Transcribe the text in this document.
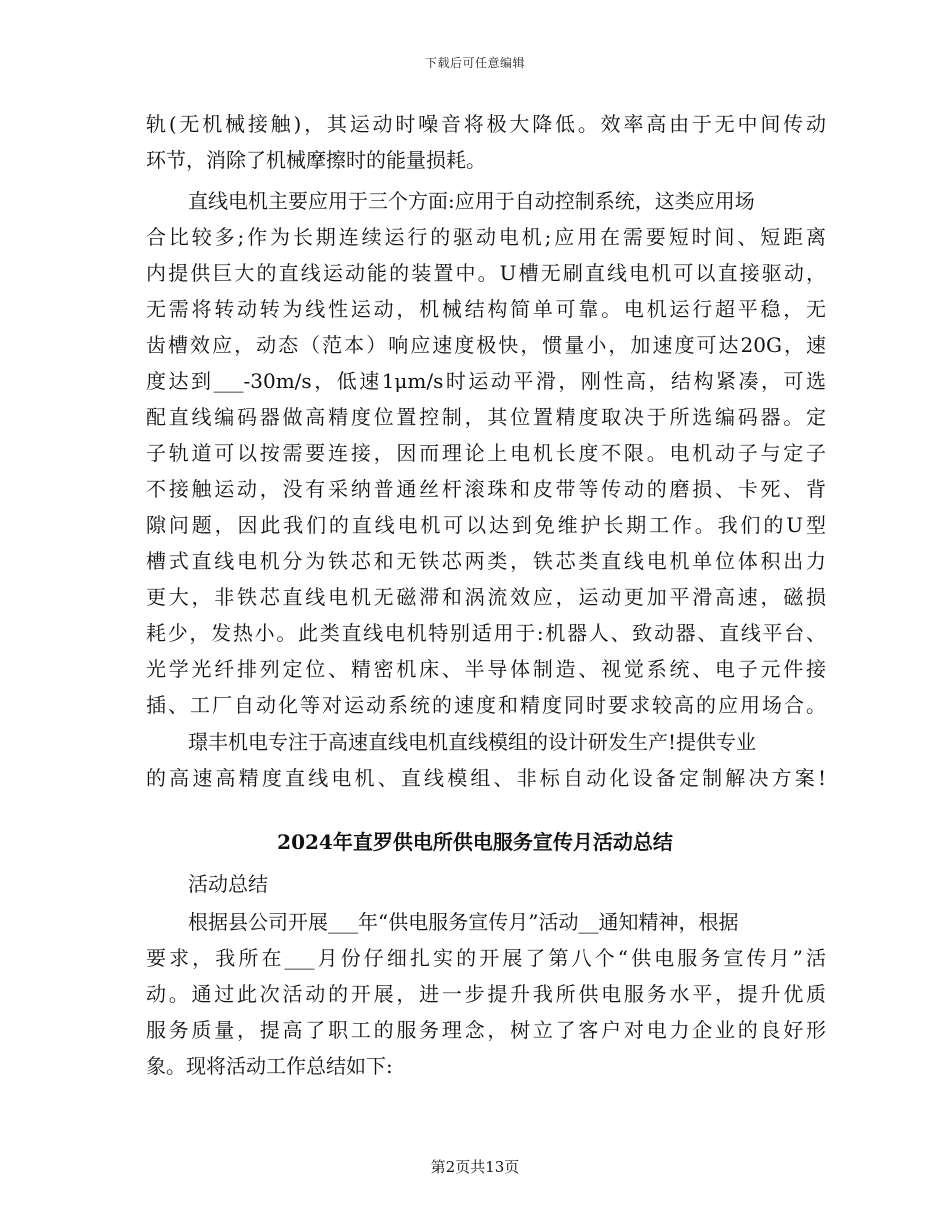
下载后可任意编辑
轨(无机械接触)，其运动时噪音将极大降低。效率高由于无中间传动
环节，消除了机械摩擦时的能量损耗。
直线电机主要应用于三个方面:应用于自动控制系统，这类应用场
合比较多;作为长期连续运行的驱动电机;应用在需要短时间、短距离
内提供巨大的直线运动能的装置中。U槽无刷直线电机可以直接驱动，
无需将转动转为线性运动，机械结构简单可靠。电机运行超平稳，无
齿槽效应，动态（范本）响应速度极快，惯量小，加速度可达20G，速
度达到___-30m/s，低速1μm/s时运动平滑，刚性高，结构紧凑，可选
配直线编码器做高精度位置控制，其位置精度取决于所选编码器。定
子轨道可以按需要连接，因而理论上电机长度不限。电机动子与定子
不接触运动，没有采纳普通丝杆滚珠和皮带等传动的磨损、卡死、背
隙问题，因此我们的直线电机可以达到免维护长期工作。我们的U型
槽式直线电机分为铁芯和无铁芯两类，铁芯类直线电机单位体积出力
更大，非铁芯直线电机无磁滞和涡流效应，运动更加平滑高速，磁损
耗少，发热小。此类直线电机特别适用于:机器人、致动器、直线平台、
光学光纤排列定位、精密机床、半导体制造、视觉系统、电子元件接
插、工厂自动化等对运动系统的速度和精度同时要求较高的应用场合。
璟丰机电专注于高速直线电机直线模组的设计研发生产!提供专业
的高速高精度直线电机、直线模组、非标自动化设备定制解决方案!
活动总结
根据县公司开展___年“供电服务宣传月”活动__通知精神，根据
要求，我所在___月份仔细扎实的开展了第八个“供电服务宣传月”活
动。通过此次活动的开展，进一步提升我所供电服务水平，提升优质
服务质量，提高了职工的服务理念，树立了客户对电力企业的良好形
象。现将活动工作总结如下:
2024年直罗供电所供电服务宣传月活动总结
第2页共13页
